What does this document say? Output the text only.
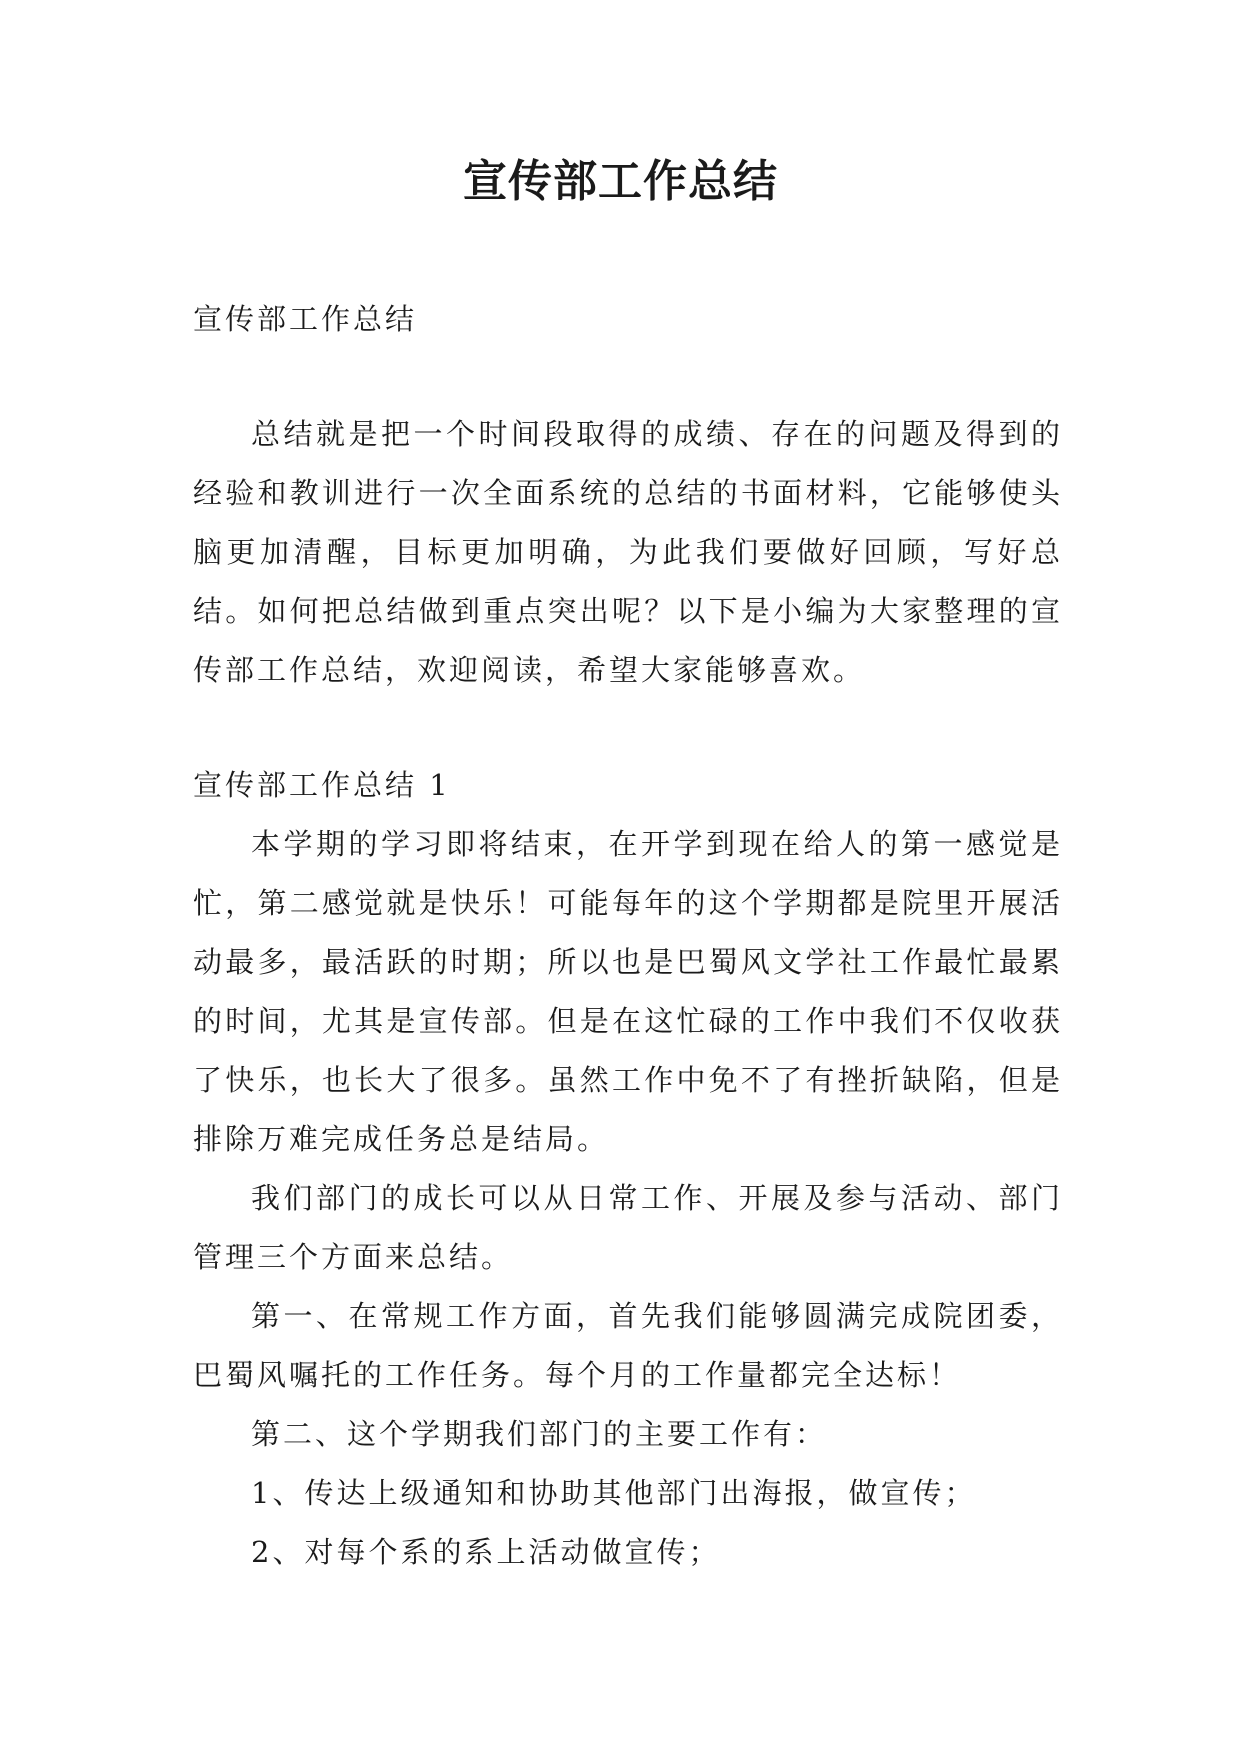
宣传部工作总结
宣传部工作总结

总结就是把一个时间段取得的成绩、存在的问题及得到的经验和教训进行一次全面系统的总结的书面材料，它能够使头脑更加清醒，目标更加明确，为此我们要做好回顾，写好总结。如何把总结做到重点突出呢？以下是小编为大家整理的宣传部工作总结，欢迎阅读，希望大家能够喜欢。

宣传部工作总结 1

本学期的学习即将结束，在开学到现在给人的第一感觉是忙，第二感觉就是快乐！可能每年的这个学期都是院里开展活动最多，最活跃的时期；所以也是巴蜀风文学社工作最忙最累的时间，尤其是宣传部。但是在这忙碌的工作中我们不仅收获了快乐，也长大了很多。虽然工作中免不了有挫折缺陷，但是排除万难完成任务总是结局。

我们部门的成长可以从日常工作、开展及参与活动、部门管理三个方面来总结。

第一、在常规工作方面，首先我们能够圆满完成院团委，巴蜀风嘱托的工作任务。每个月的工作量都完全达标！

第二、这个学期我们部门的主要工作有：

1、传达上级通知和协助其他部门出海报，做宣传；

2、对每个系的系上活动做宣传；
